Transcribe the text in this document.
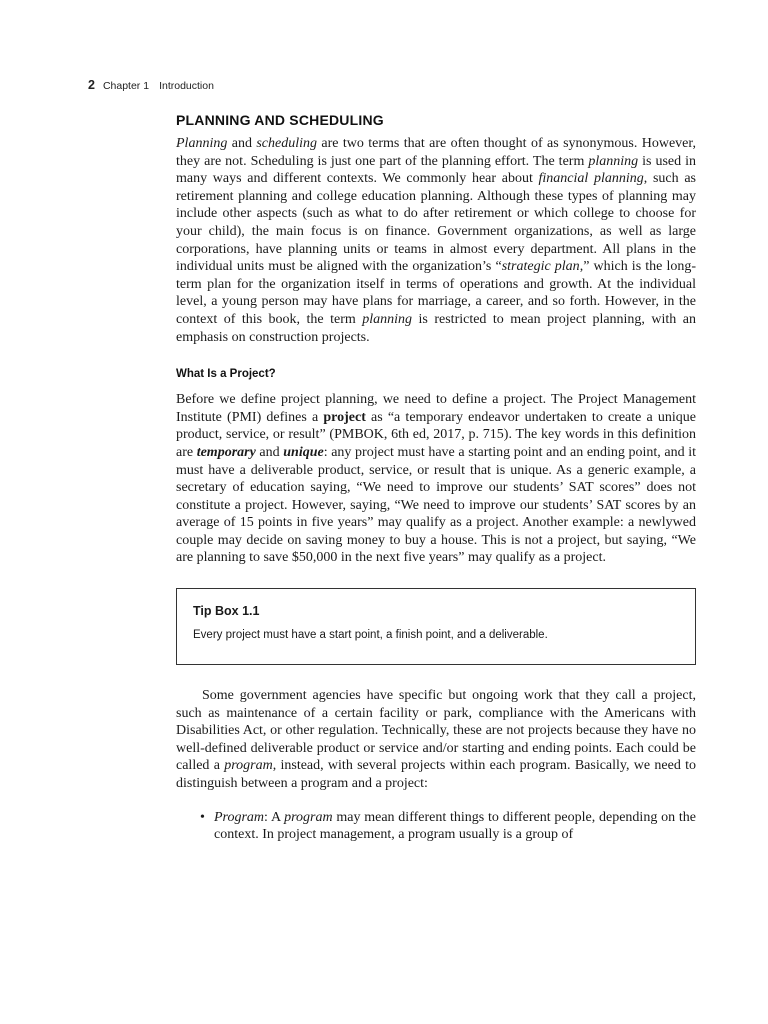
2 Chapter 1 Introduction
PLANNING AND SCHEDULING

Planning and scheduling are two terms that are often thought of as synonymous. However, they are not. Scheduling is just one part of the planning effort. The term planning is used in many ways and different contexts. We commonly hear about financial planning, such as retirement planning and college education planning. Although these types of planning may include other aspects (such as what to do after retirement or which college to choose for your child), the main focus is on finance. Government organizations, as well as large corporations, have planning units or teams in almost every department. All plans in the individual units must be aligned with the organization’s “strategic plan,” which is the long-term plan for the organization itself in terms of operations and growth. At the individual level, a young person may have plans for marriage, a career, and so forth. However, in the context of this book, the term planning is restricted to mean project planning, with an emphasis on construction projects.

What Is a Project?

Before we define project planning, we need to define a project. The Project Management Institute (PMI) defines a project as “a temporary endeavor undertaken to create a unique product, service, or result” (PMBOK, 6th ed, 2017, p. 715). The key words in this definition are temporary and unique: any project must have a starting point and an ending point, and it must have a deliverable product, service, or result that is unique. As a generic example, a secretary of education saying, “We need to improve our students’ SAT scores” does not constitute a project. However, saying, “We need to improve our students’ SAT scores by an average of 15 points in five years” may qualify as a project. Another example: a newlywed couple may decide on saving money to buy a house. This is not a project, but saying, “We are planning to save $50,000 in the next five years” may qualify as a project.

Tip Box 1.1
Every project must have a start point, a finish point, and a deliverable.

Some government agencies have specific but ongoing work that they call a project, such as maintenance of a certain facility or park, compliance with the Americans with Disabilities Act, or other regulation. Technically, these are not projects because they have no well-defined deliverable product or service and/or starting and ending points. Each could be called a program, instead, with several projects within each program. Basically, we need to distinguish between a program and a project:

• Program: A program may mean different things to different people, depending on the context. In project management, a program usually is a group of
